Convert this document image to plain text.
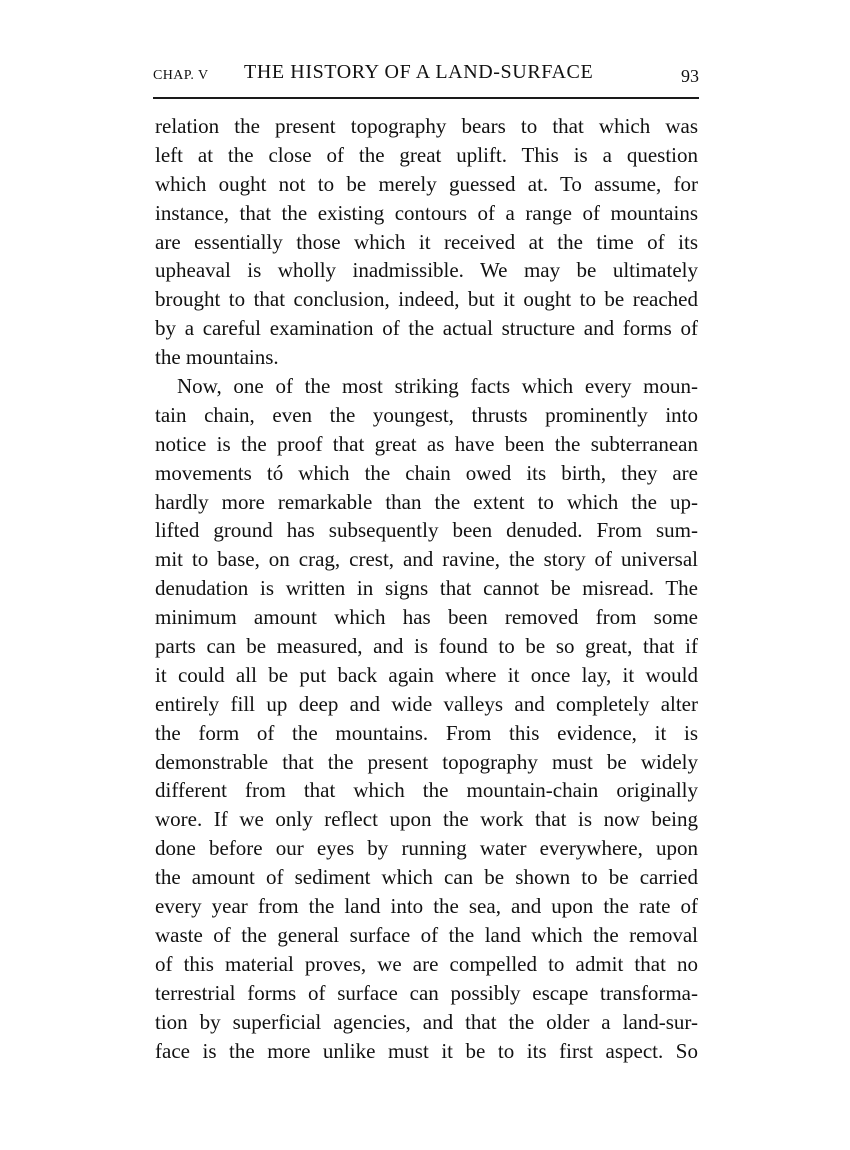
CHAP. V THE HISTORY OF A LAND-SURFACE	93
relation the present topography bears to that which was
left at the close of the great uplift. This is a question
which ought not to be merely guessed at. To assume, for
instance, that the existing contours of a range of mountains
are essentially those which it received at the time of its
upheaval is wholly inadmissible. We may be ultimately
brought to that conclusion, indeed, but it ought to be reached
by a careful examination of the actual structure and forms of
the mountains.
Now, one of the most striking facts which every moun-
tain chain, even the youngest, thrusts prominently into
notice is the proof that great as have been the subterranean
movements tó which the chain owed its birth, they are
hardly more remarkable than the extent to which the up-
lifted ground has subsequently been denuded. From sum-
mit to base, on crag, crest, and ravine, the story of universal
denudation is written in signs that cannot be misread. The
minimum amount which has been removed from some
parts can be measured, and is found to be so great, that if
it could all be put back again where it once lay, it would
entirely fill up deep and wide valleys and completely alter
the form of the mountains. From this evidence, it is
demonstrable that the present topography must be widely
different from that which the mountain-chain originally
wore. If we only reflect upon the work that is now being
done before our eyes by running water everywhere, upon
the amount of sediment which can be shown to be carried
every year from the land into the sea, and upon the rate of
waste of the general surface of the land which the removal
of this material proves, we are compelled to admit that no
terrestrial forms of surface can possibly escape transforma-
tion by superficial agencies, and that the older a land-sur-
face is the more unlike must it be to its first aspect. So
